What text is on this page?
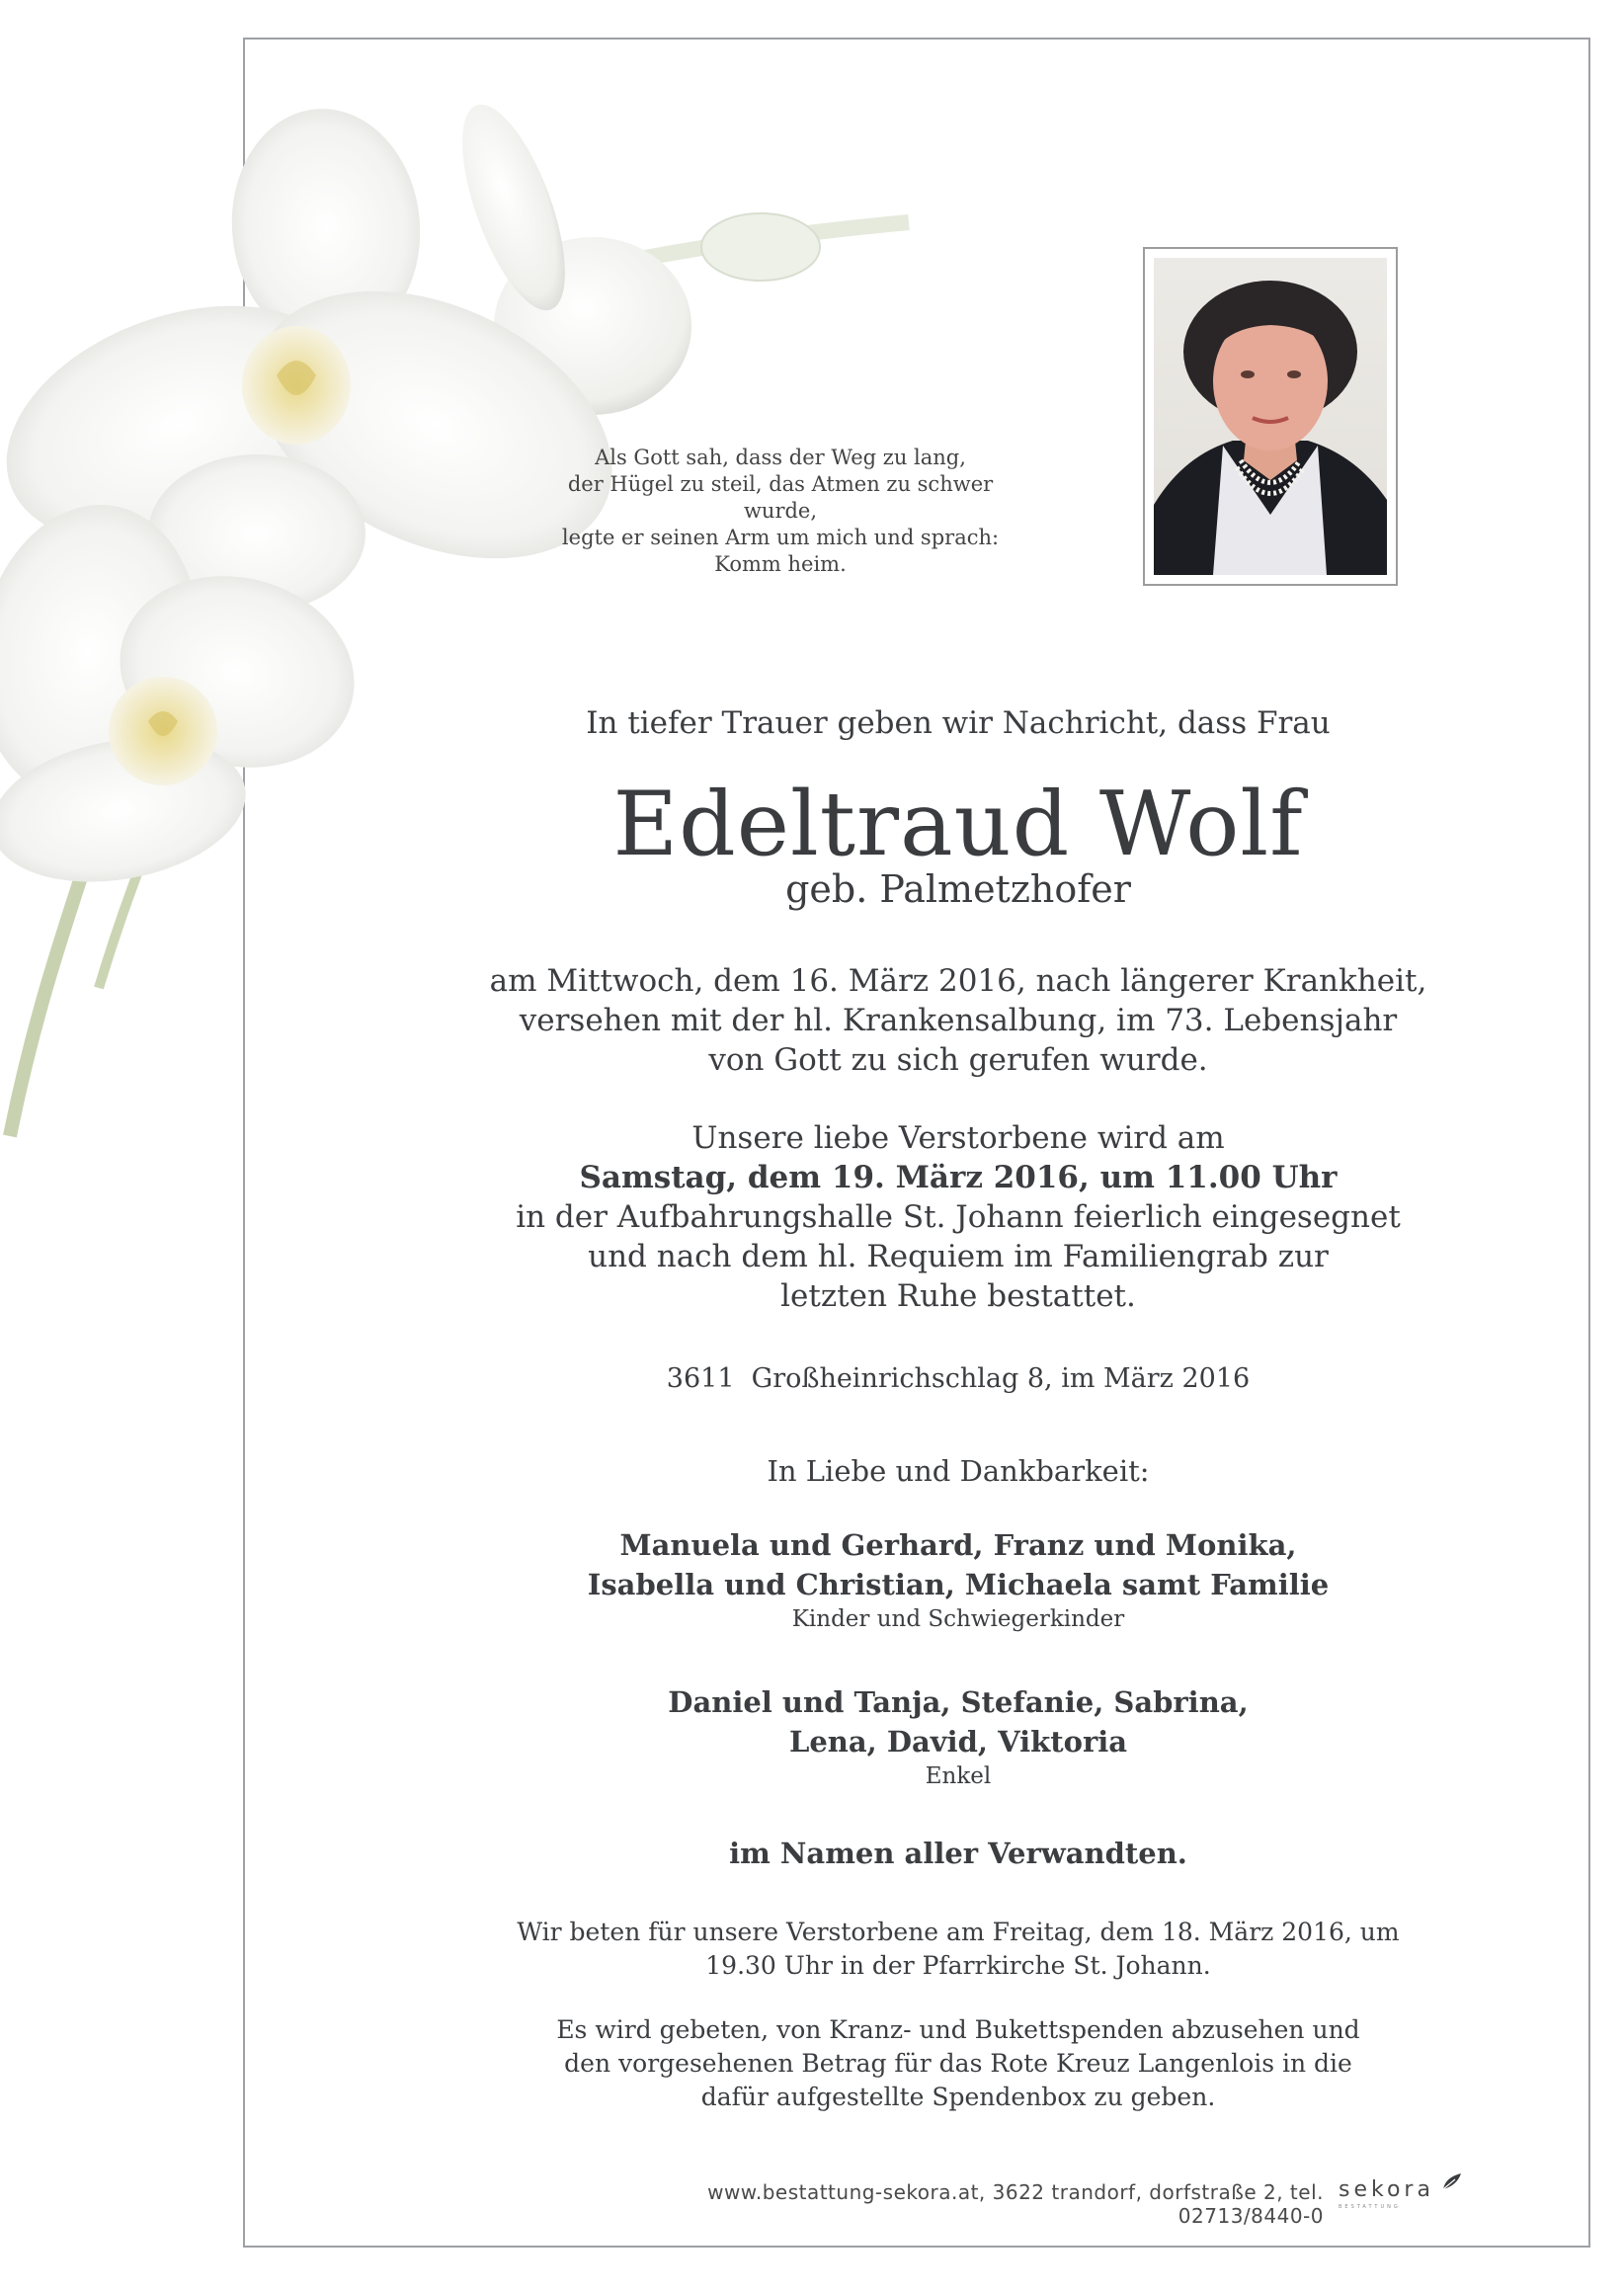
Als Gott sah, dass der Weg zu lang,
der Hügel zu steil, das Atmen zu schwer
wurde,
legte er seinen Arm um mich und sprach:
Komm heim.
In tiefer Trauer geben wir Nachricht, dass Frau
Edeltraud Wolf
geb. Palmetzhofer
am Mittwoch, dem 16. März 2016, nach längerer Krankheit,
versehen mit der hl. Krankensalbung, im 73. Lebensjahr
von Gott zu sich gerufen wurde.
Unsere liebe Verstorbene wird am
Samstag, dem 19. März 2016, um 11.00 Uhr
in der Aufbahrungshalle St. Johann feierlich eingesegnet
und nach dem hl. Requiem im Familiengrab zur
letzten Ruhe bestattet.
3611  Großheinrichschlag 8, im März 2016
In Liebe und Dankbarkeit:
Manuela und Gerhard, Franz und Monika,
Isabella und Christian, Michaela samt Familie
Kinder und Schwiegerkinder
Daniel und Tanja, Stefanie, Sabrina,
Lena, David, Viktoria
Enkel
im Namen aller Verwandten.
Wir beten für unsere Verstorbene am Freitag, dem 18. März 2016, um
19.30 Uhr in der Pfarrkirche St. Johann.
Es wird gebeten, von Kranz- und Bukettspenden abzusehen und
den vorgesehenen Betrag für das Rote Kreuz Langenlois in die
dafür aufgestellte Spendenbox zu geben.
www.bestattung-sekora.at, 3622 trandorf, dorfstraße 2, tel. 02713/8440-0
sekora
BESTATTUNG
